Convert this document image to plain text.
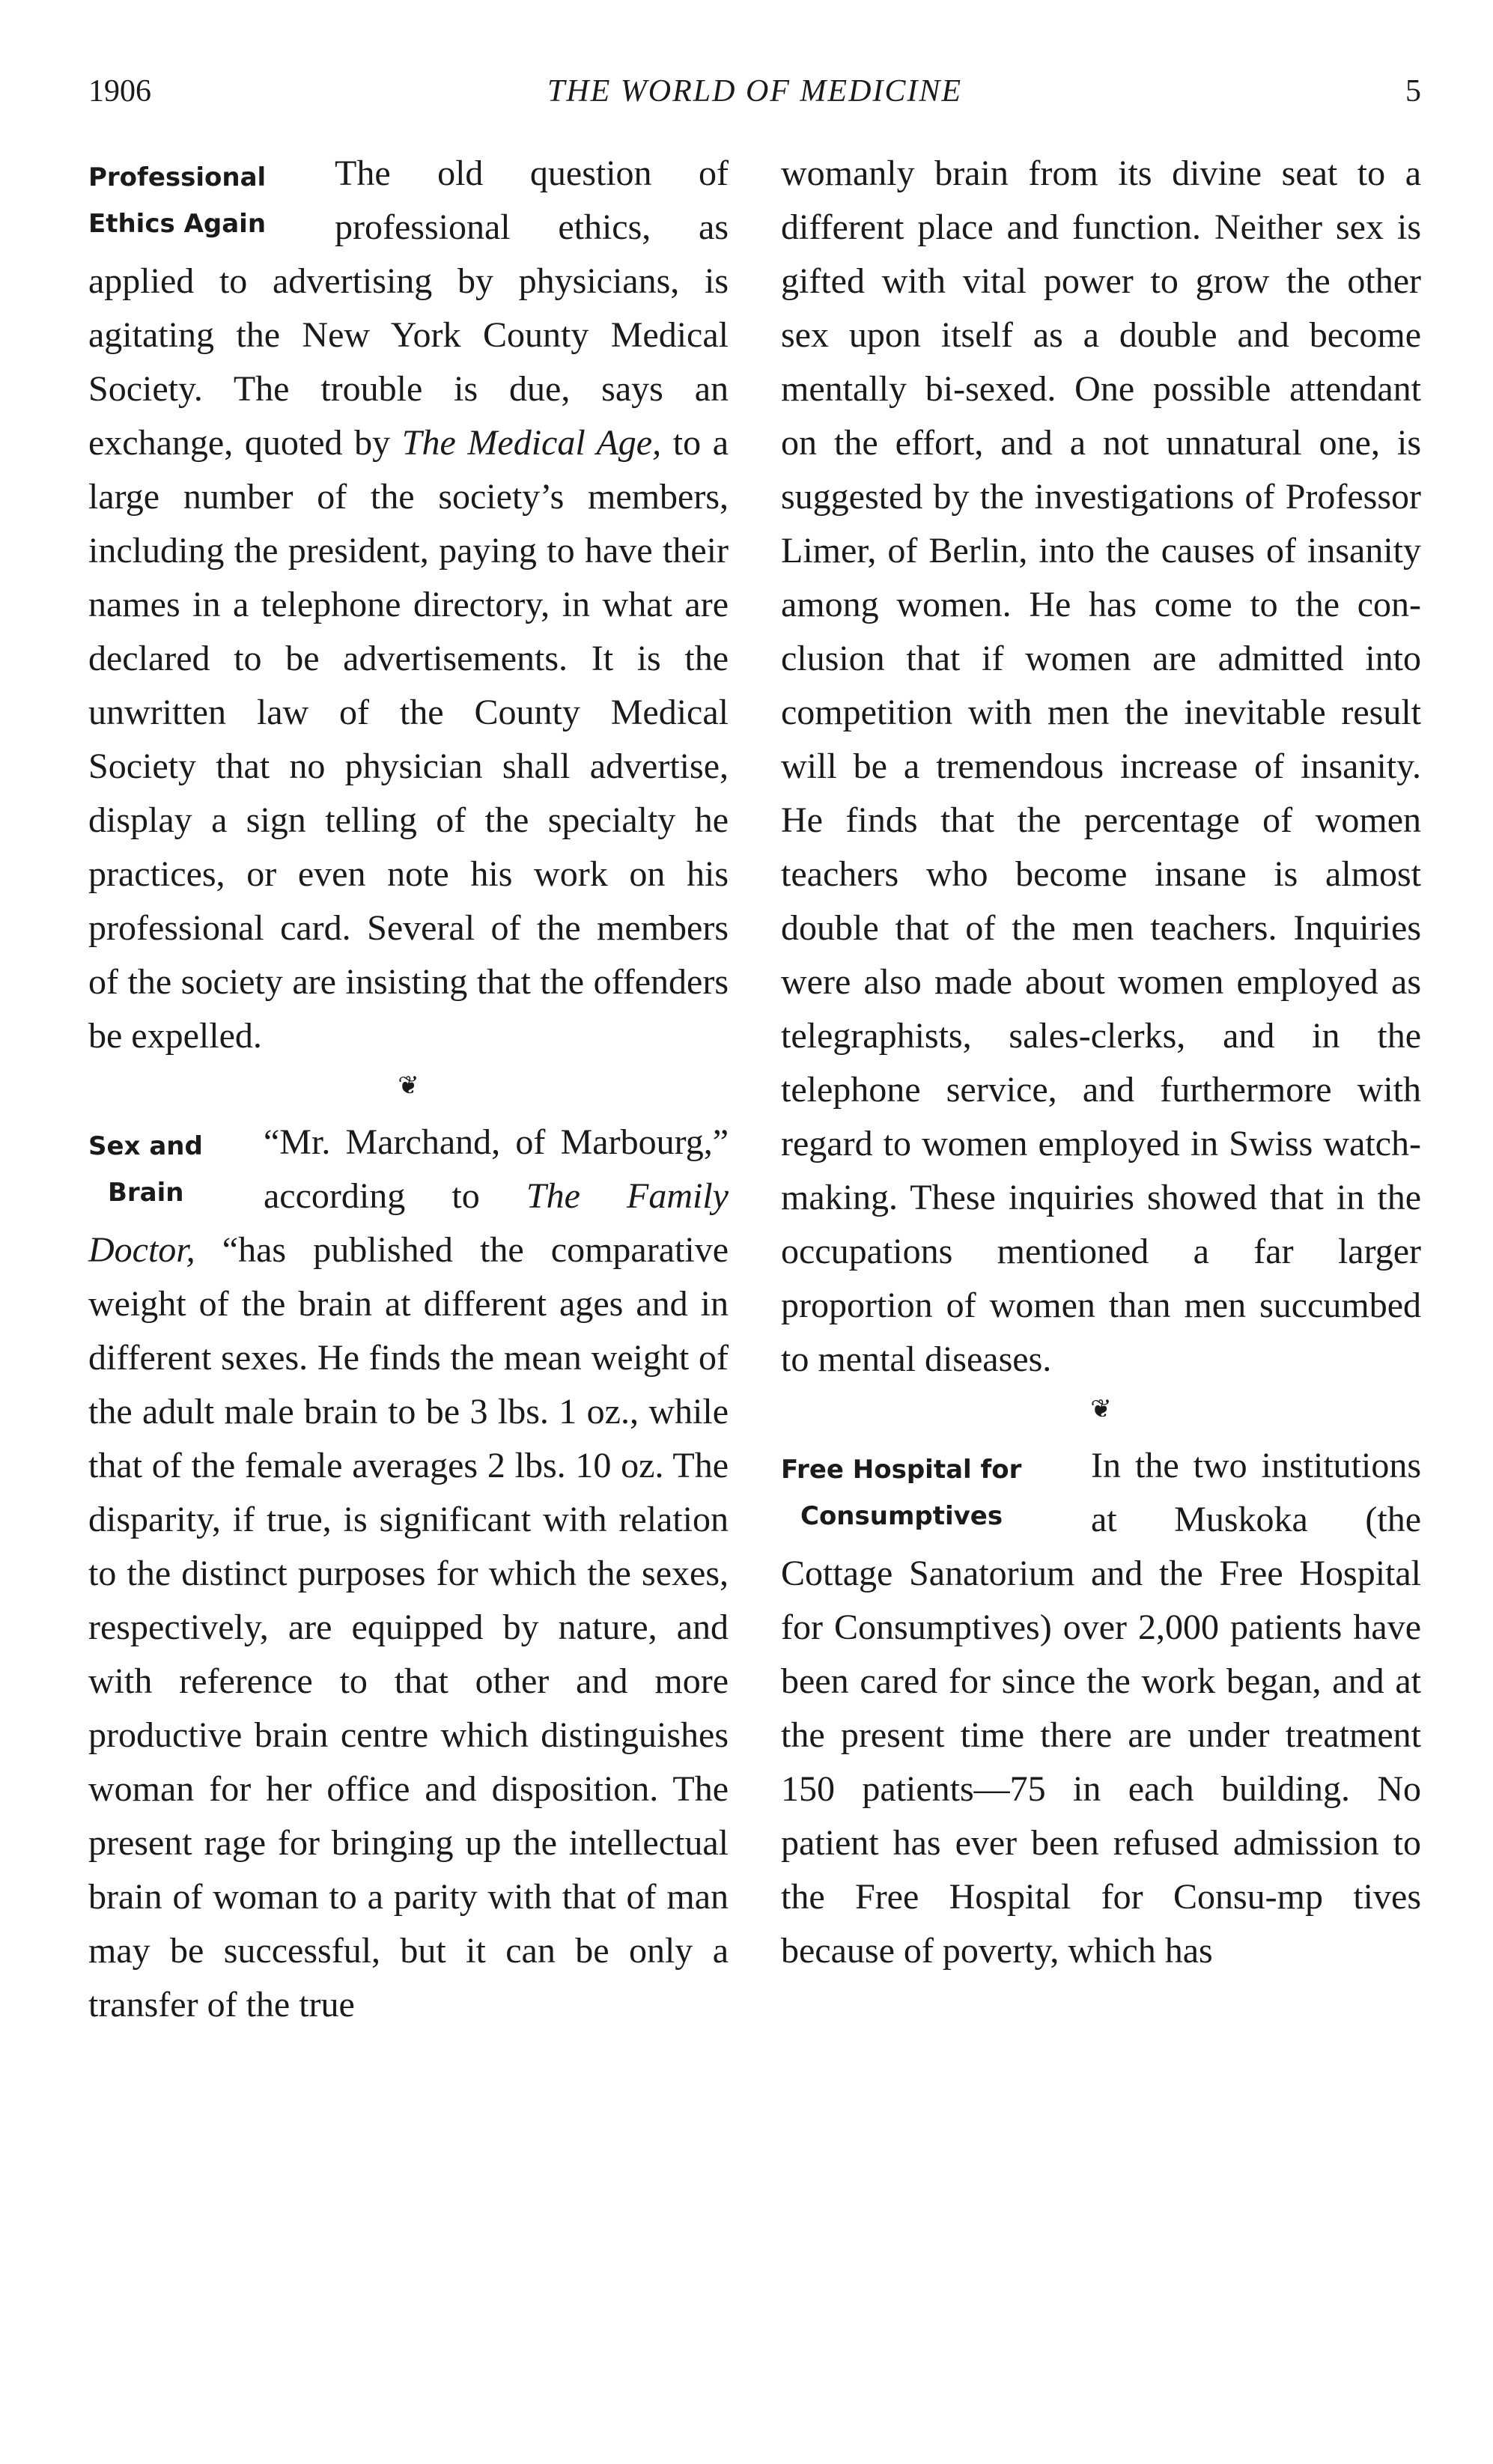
1906	THE WORLD OF MEDICINE	5
Professional
Ethics Again

The old question of professional ethics, as applied to advertising by physicians, is agitating the New York County Medical Society. The trouble is due, says an exchange, quoted by The Medical Age, to a large number of the society’s members, including the president, paying to have their names in a telephone directory, in what are declared to be advertisements. It is the unwritten law of the County Medical Society that no physician shall advertise, display a sign telling of the specialty he practices, or even note his work on his professional card. Several of the members of the society are insisting that the offenders be expelled.

❦
Sex and
Brain

“Mr. Marchand, of Marbourg,” according to The Family Doctor, “has published the comparative weight of the brain at different ages and in different sexes. He finds the mean weight of the adult male brain to be 3 lbs. 1 oz., while that of the female averages 2 lbs. 10 oz. The disparity, if true, is significant with relation to the distinct purposes for which the sexes, respectively, are equipped by nature, and with reference to that other and more productive brain centre which distinguishes woman for her office and disposition. The present rage for bringing up the intellectual brain of woman to a parity with that of man may be successful, but it can be only a transfer of the true

womanly brain from its divine seat to a different place and function. Neither sex is gifted with vital power to grow the other sex upon itself as a double and become mentally bi-sexed. One possible attendant on the effort, and a not unnatural one, is suggested by the investigations of Professor Limer, of Berlin, into the causes of insanity among women. He has come to the conclusion that if women are admitted into competition with men the inevitable result will be a tremendous increase of insanity. He finds that the percentage of women teachers who become insane is almost double that of the men teachers. Inquiries were also made about women employed as telegraphists, sales-clerks, and in the telephone service, and furthermore with regard to women employed in Swiss watch-making. These inquiries showed that in the occupations mentioned a far larger proportion of women than men succumbed to mental diseases.

❦
Free Hospital for
Consumptives

In the two institutions at Muskoka (the Cottage Sanatorium and the Free Hospital for Consumptives) over 2,000 patients have been cared for since the work began, and at the present time there are under treatment 150 patients—75 in each building. No patient has ever been refused admission to the Free Hospital for Consu-mp tives because of poverty, which has
